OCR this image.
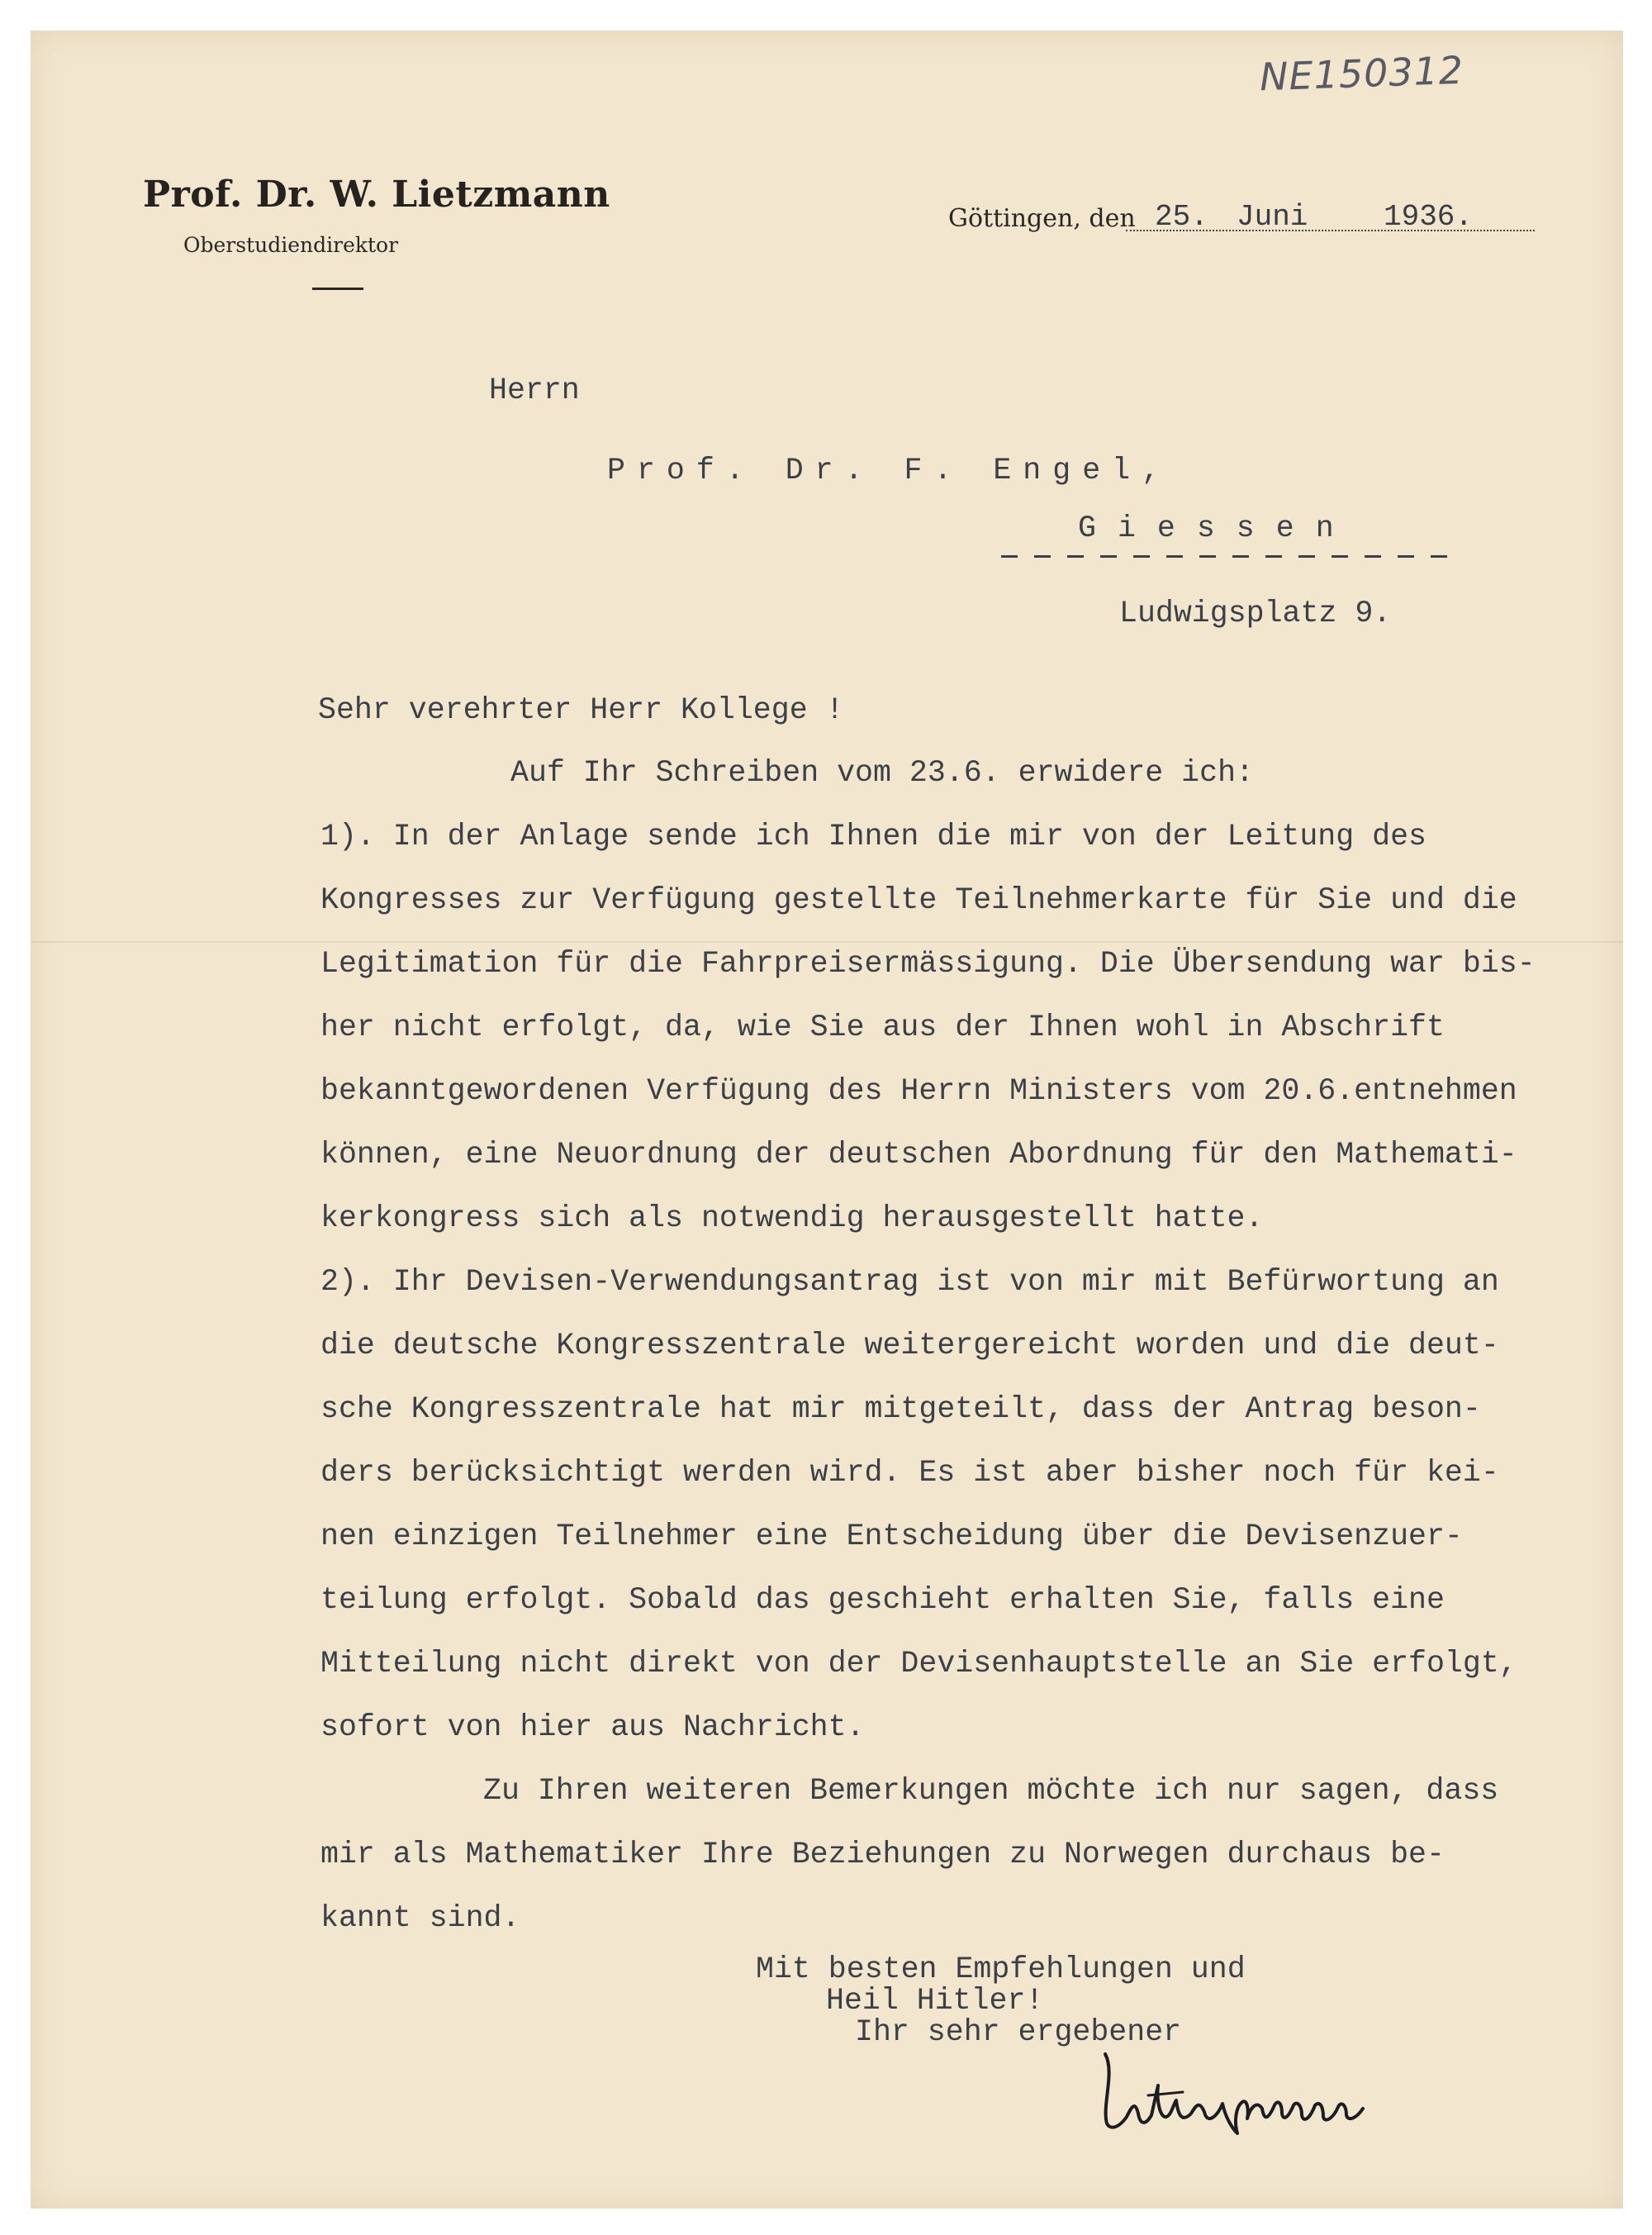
NE150312
Prof. Dr. W. Lietzmann
Oberstudiendirektor
Göttingen, den 25. Juni	1936.
Herrn
Prof. Dr. F. Engel,
Giessen
Ludwigsplatz 9.
Sehr verehrter Herr Kollege !
Auf Ihr Schreiben vom 23.6. erwidere ich:
1). In der Anlage sende ich Ihnen die mir von der Leitung des
Kongresses zur Verfügung gestellte Teilnehmerkarte für Sie und die
Legitimation für die Fahrpreisermässigung. Die Übersendung war bis-
her nicht erfolgt, da, wie Sie aus der Ihnen wohl in Abschrift
bekanntgewordenen Verfügung des Herrn Ministers vom 20.6.entnehmen
können, eine Neuordnung der deutschen Abordnung für den Mathemati-
kerkongress sich als notwendig herausgestellt hatte.
2). Ihr Devisen-Verwendungsantrag ist von mir mit Befürwortung an
die deutsche Kongresszentrale weitergereicht worden und die deut-
sche Kongresszentrale hat mir mitgeteilt, dass der Antrag beson-
ders berücksichtigt werden wird. Es ist aber bisher noch für kei-
nen einzigen Teilnehmer eine Entscheidung über die Devisenzuer-
teilung erfolgt. Sobald das geschieht erhalten Sie, falls eine
Mitteilung nicht direkt von der Devisenhauptstelle an Sie erfolgt,
sofort von hier aus Nachricht.
Zu Ihren weiteren Bemerkungen möchte ich nur sagen, dass
mir als Mathematiker Ihre Beziehungen zu Norwegen durchaus be-
kannt sind.
Mit besten Empfehlungen und
Heil Hitler!
Ihr sehr ergebener
